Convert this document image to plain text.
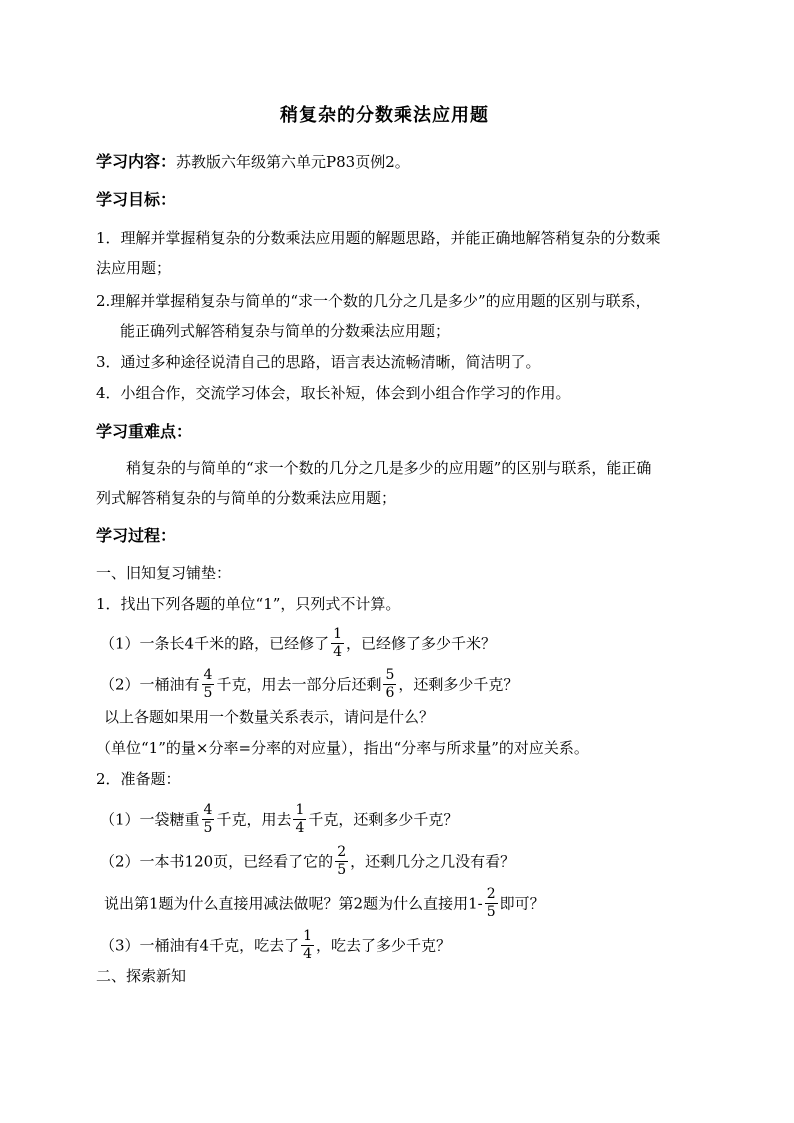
稍复杂的分数乘法应用题
学习内容：苏教版六年级第六单元P83页例2。
学习目标：
1．理解并掌握稍复杂的分数乘法应用题的解题思路，并能正确地解答稍复杂的分数乘
法应用题；
2.理解并掌握稍复杂与简单的“求一个数的几分之几是多少”的应用题的区别与联系，
能正确列式解答稍复杂与简单的分数乘法应用题；
3．通过多种途径说清自己的思路，语言表达流畅清晰，简洁明了。
4．小组合作，交流学习体会，取长补短，体会到小组合作学习的作用。
学习重难点：
稍复杂的与简单的“求一个数的几分之几是多少的应用题”的区别与联系，能正确
列式解答稍复杂的与简单的分数乘法应用题；
学习过程：
一、旧知复习铺垫：
1．找出下列各题的单位“1”，只列式不计算。
（1）一条长4千米的路，已经修了 $\frac{1}{4}$ ，已经修了多少千米？
（2）一桶油有 $\frac{4}{5}$ 千克，用去一部分后还剩 $\frac{5}{6}$ ，还剩多少千克？
以上各题如果用一个数量关系表示，请问是什么？
（单位“1”的量×分率=分率的对应量），指出“分率与所求量”的对应关系。
2．准备题：
（1）一袋糖重 $\frac{4}{5}$ 千克，用去 $\frac{1}{4}$ 千克，还剩多少千克？
（2）一本书120页，已经看了它的 $\frac{2}{5}$ ，还剩几分之几没有看？
说出第1题为什么直接用减法做呢？第2题为什么直接用$1- \frac{2}{5}$ 即可？
（3）一桶油有4千克，吃去了 $\frac{1}{4}$ ，吃去了多少千克？
二、探索新知
